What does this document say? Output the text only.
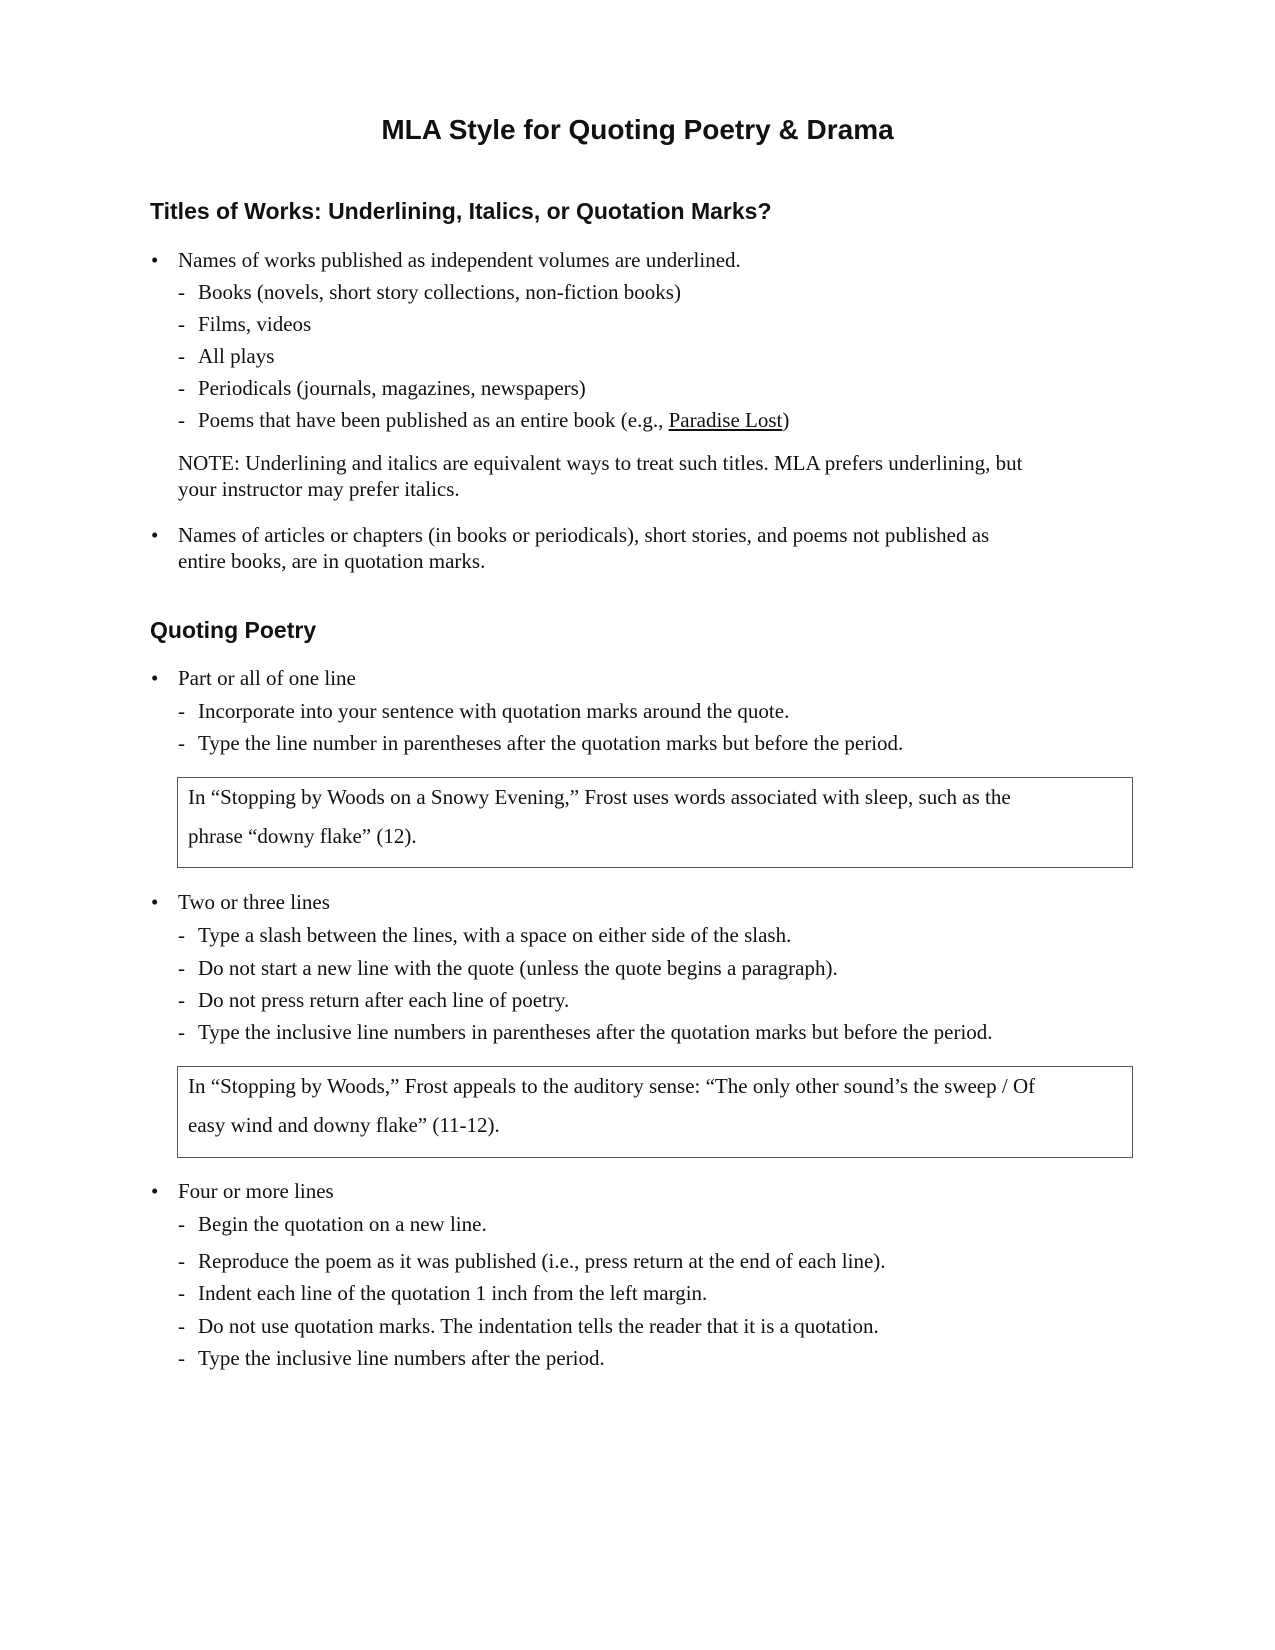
MLA Style for Quoting Poetry & Drama
Titles of Works: Underlining, Italics, or Quotation Marks?
• Names of works published as independent volumes are underlined.
- Books (novels, short story collections, non-fiction books)
- Films, videos
- All plays
- Periodicals (journals, magazines, newspapers)
- Poems that have been published as an entire book (e.g., Paradise Lost)
NOTE: Underlining and italics are equivalent ways to treat such titles. MLA prefers underlining, but
your instructor may prefer italics.
• Names of articles or chapters (in books or periodicals), short stories, and poems not published as
entire books, are in quotation marks.
Quoting Poetry
• Part or all of one line
- Incorporate into your sentence with quotation marks around the quote.
- Type the line number in parentheses after the quotation marks but before the period.
In “Stopping by Woods on a Snowy Evening,” Frost uses words associated with sleep, such as the
phrase “downy flake” (12).
• Two or three lines
- Type a slash between the lines, with a space on either side of the slash.
- Do not start a new line with the quote (unless the quote begins a paragraph).
- Do not press return after each line of poetry.
- Type the inclusive line numbers in parentheses after the quotation marks but before the period.
In “Stopping by Woods,” Frost appeals to the auditory sense: “The only other sound’s the sweep / Of
easy wind and downy flake” (11-12).
• Four or more lines
- Begin the quotation on a new line.
- Reproduce the poem as it was published (i.e., press return at the end of each line).
- Indent each line of the quotation 1 inch from the left margin.
- Do not use quotation marks. The indentation tells the reader that it is a quotation.
- Type the inclusive line numbers after the period.
